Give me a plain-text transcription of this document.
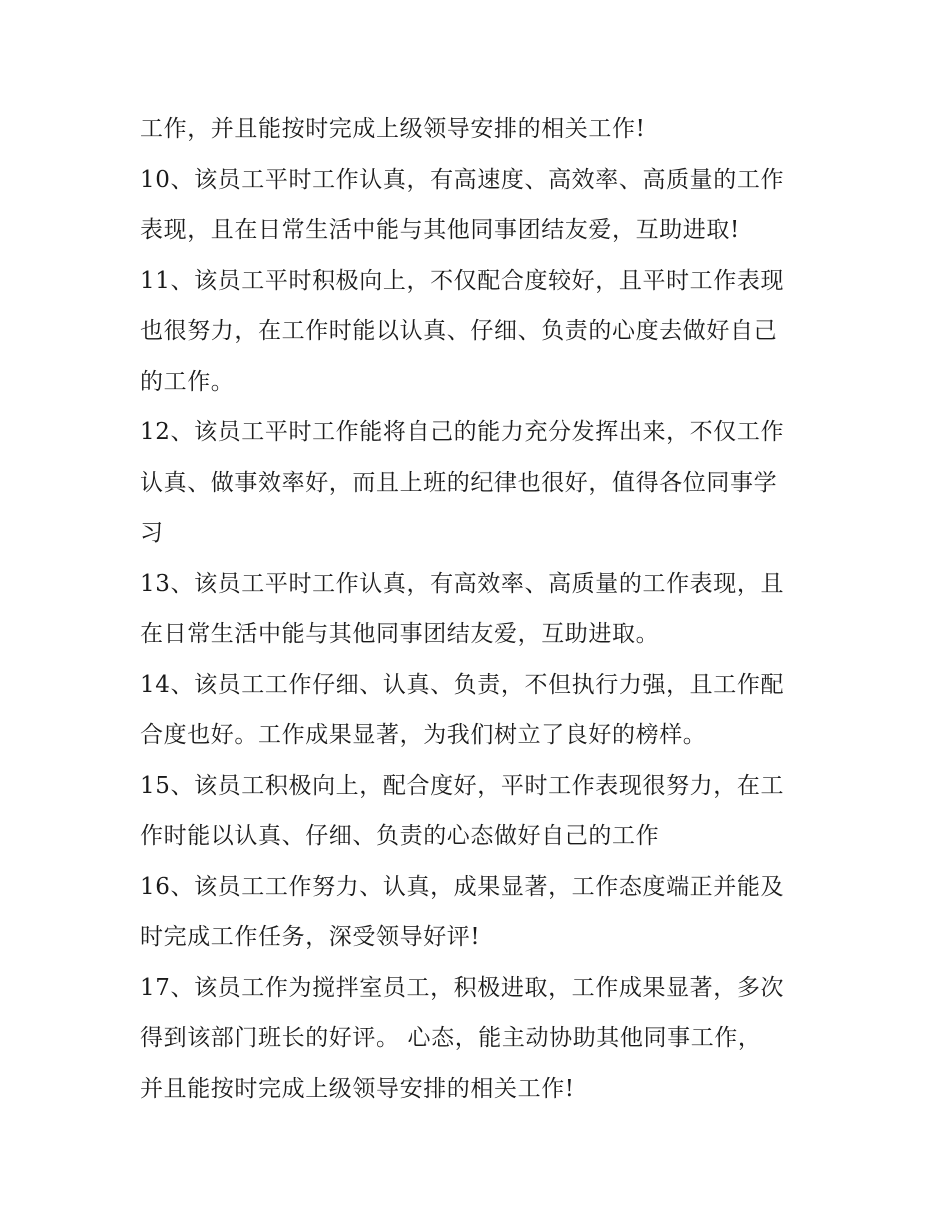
工作，并且能按时完成上级领导安排的相关工作!
10、该员工平时工作认真，有高速度、高效率、高质量的工作
表现，且在日常生活中能与其他同事团结友爱，互助进取!
11、该员工平时积极向上，不仅配合度较好，且平时工作表现
也很努力，在工作时能以认真、仔细、负责的心度去做好自己
的工作。
12、该员工平时工作能将自己的能力充分发挥出来，不仅工作
认真、做事效率好，而且上班的纪律也很好，值得各位同事学
习
13、该员工平时工作认真，有高效率、高质量的工作表现，且
在日常生活中能与其他同事团结友爱，互助进取。
14、该员工工作仔细、认真、负责，不但执行力强，且工作配
合度也好。工作成果显著，为我们树立了良好的榜样。
15、该员工积极向上，配合度好，平时工作表现很努力，在工
作时能以认真、仔细、负责的心态做好自己的工作
16、该员工工作努力、认真，成果显著，工作态度端正并能及
时完成工作任务，深受领导好评!
17、该员工作为搅拌室员工，积极进取，工作成果显著，多次
得到该部门班长的好评。 心态，能主动协助其他同事工作，
并且能按时完成上级领导安排的相关工作!
